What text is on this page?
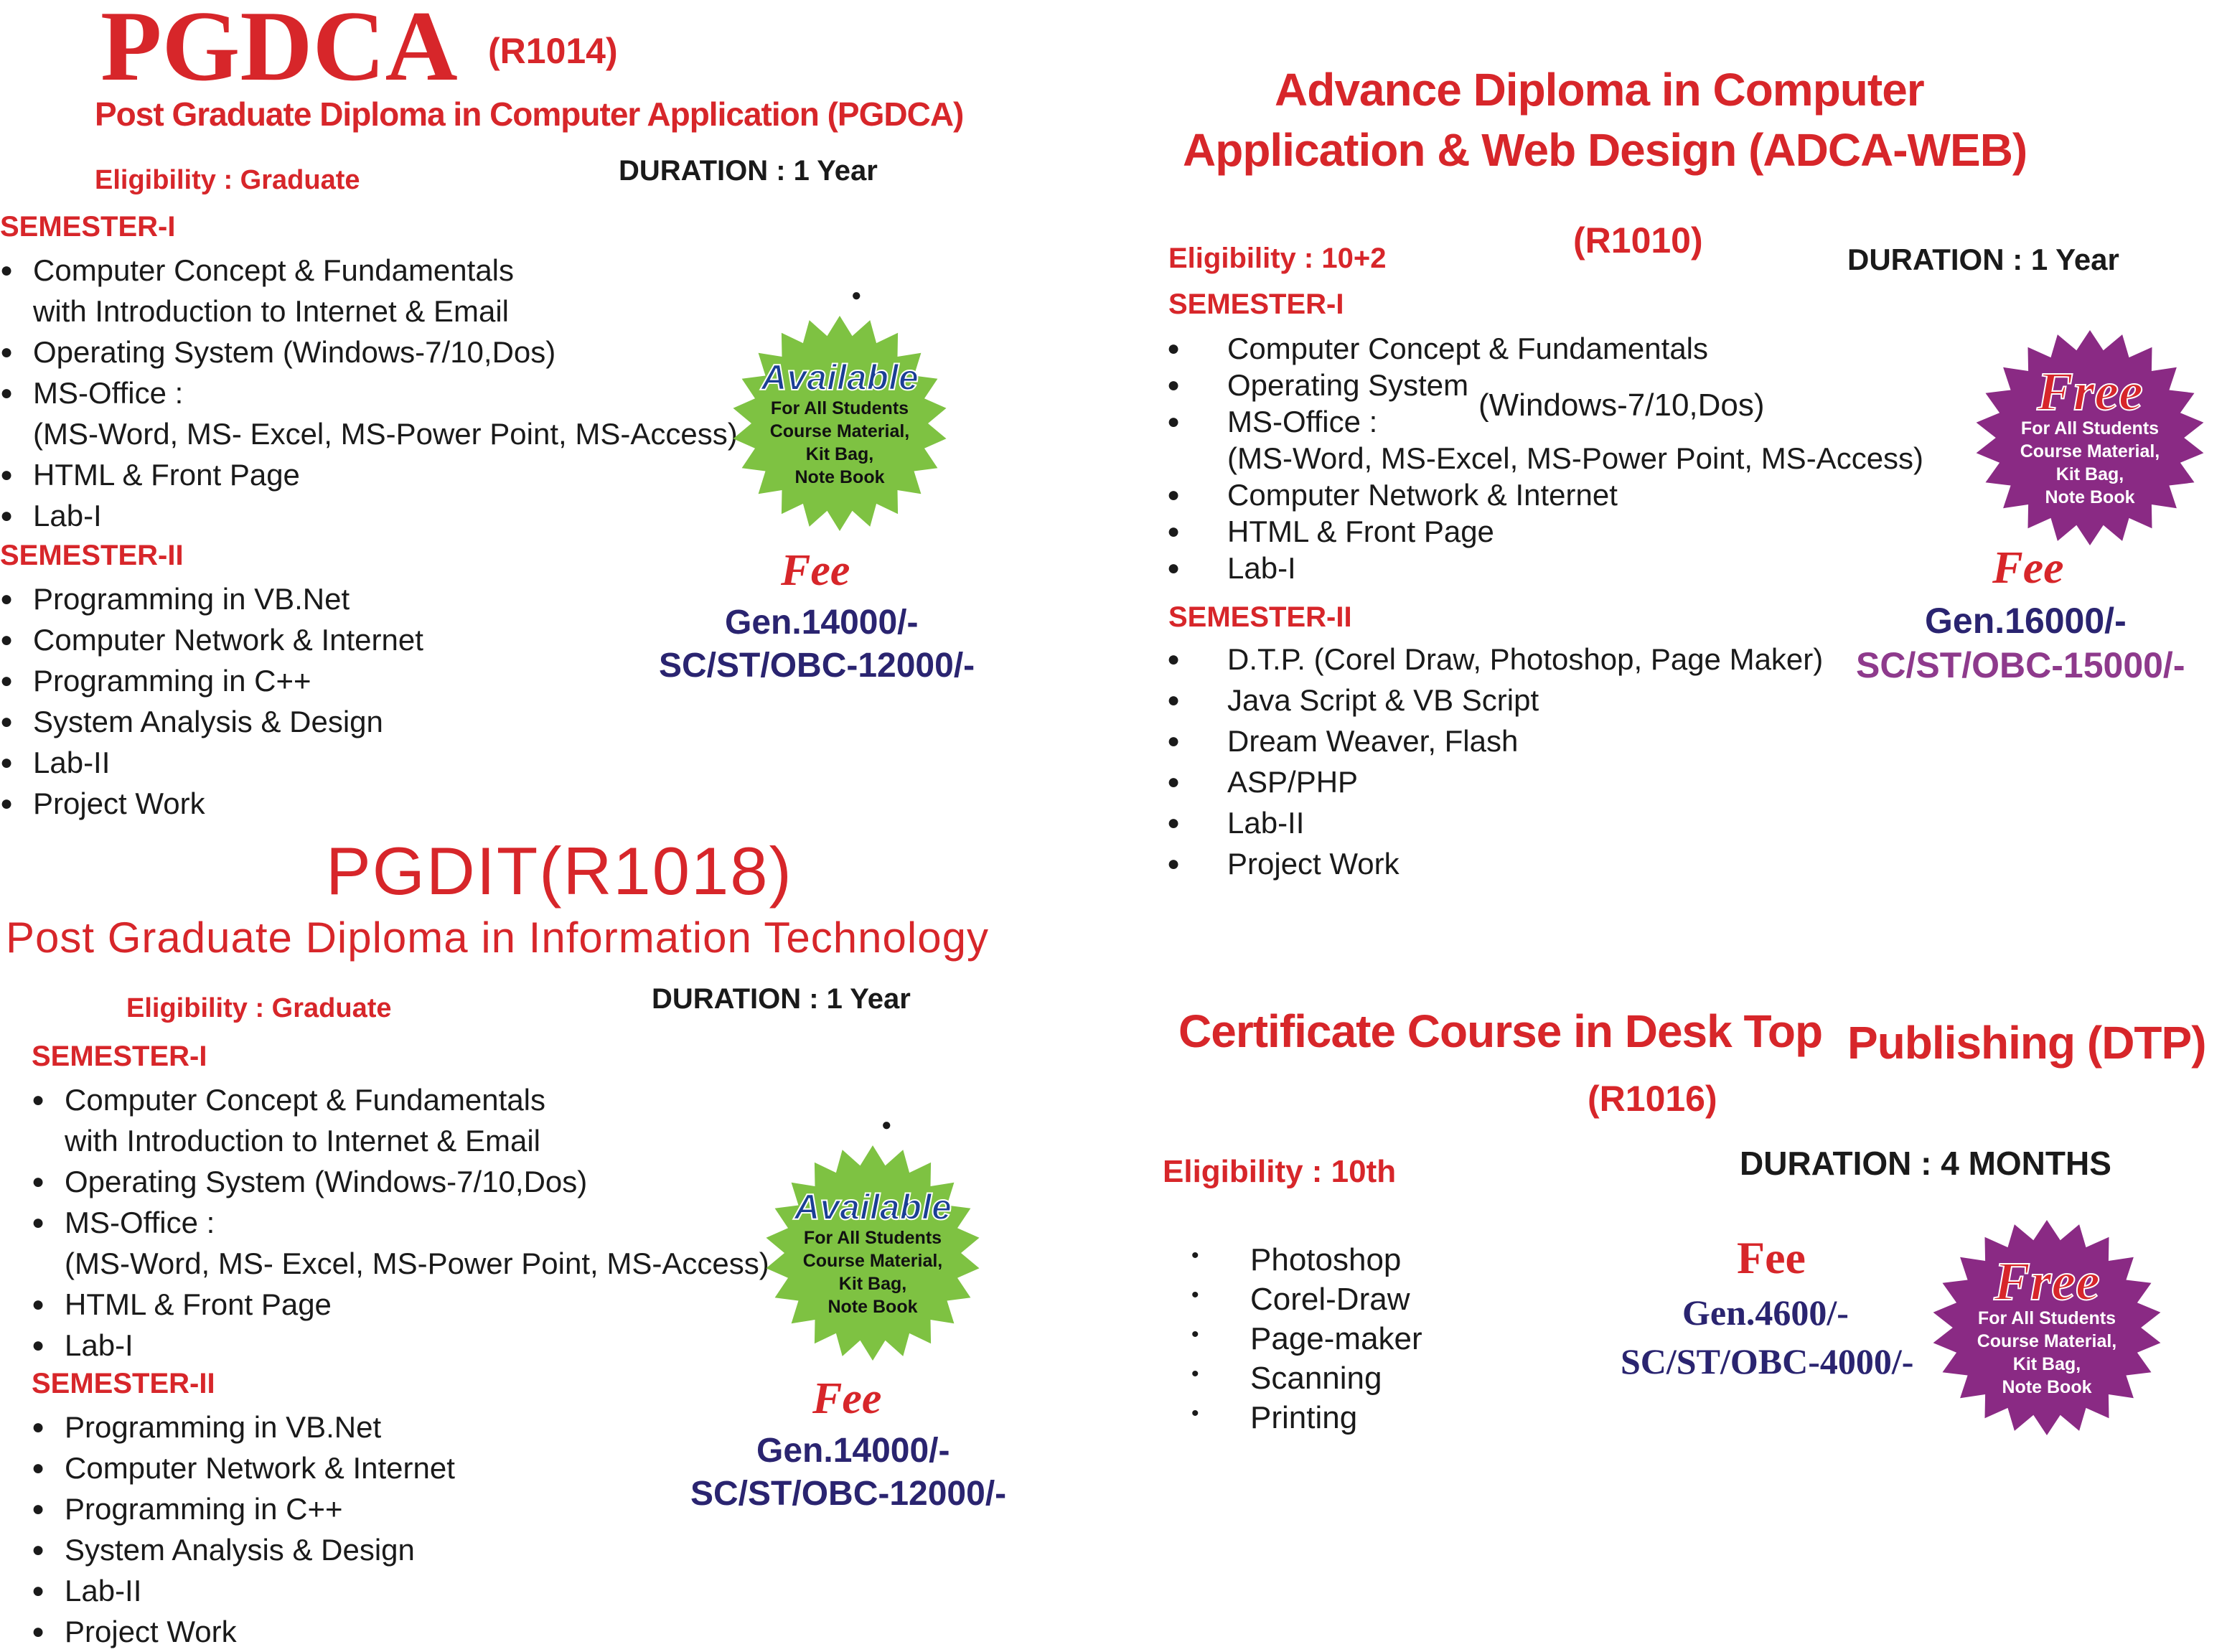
PGDCA (R1014)
Post Graduate Diploma in Computer Application (PGDCA)
Eligibility : Graduate	DURATION : 1 Year
SEMESTER-I
● Computer Concept & Fundamentals
with Introduction to Internet & Email
● Operating System (Windows-7/10,Dos)
● MS-Office :
(MS-Word, MS- Excel, MS-Power Point, MS-Access)
● HTML & Front Page
● Lab-I
SEMESTER-II
● Programming in VB.Net
● Computer Network & Internet
● Programming in C++
● System Analysis & Design
● Lab-II
● Project Work
●
Available
For All Students
Course Material,
Kit Bag,
Note Book
Fee
Gen.14000/-
SC/ST/OBC-12000/-
Advance Diploma in Computer
Application & Web Design (ADCA-WEB)
(R1010)
Eligibility : 10+2	DURATION : 1 Year
SEMESTER-I
● Computer Concept & Fundamentals
● Operating System
● MS-Office :
(MS-Word, MS-Excel, MS-Power Point, MS-Access)
● Computer Network & Internet
● HTML & Front Page
● Lab-I
(Windows-7/10,Dos)
SEMESTER-II
● D.T.P. (Corel Draw, Photoshop, Page Maker)
● Java Script & VB Script
● Dream Weaver, Flash
● ASP/PHP
● Lab-II
● Project Work
Free
For All Students
Course Material,
Kit Bag,
Note Book
Fee
Gen.16000/-
SC/ST/OBC-15000/-
PGDIT(R1018)
Post Graduate Diploma in Information Technology
Eligibility : Graduate	DURATION : 1 Year
SEMESTER-I
● Computer Concept & Fundamentals
with Introduction to Internet & Email
● Operating System (Windows-7/10,Dos)
● MS-Office :
(MS-Word, MS- Excel, MS-Power Point, MS-Access)
● HTML & Front Page
● Lab-I
SEMESTER-II
● Programming in VB.Net
● Computer Network & Internet
● Programming in C++
● System Analysis & Design
● Lab-II
● Project Work
●
Available
For All Students
Course Material,
Kit Bag,
Note Book
Fee
Gen.14000/-
SC/ST/OBC-12000/-
Certificate Course in Desk Top Publishing (DTP)
(R1016)
Eligibility : 10th	DURATION : 4 MONTHS
• Photoshop
• Corel-Draw
• Page-maker
• Scanning
• Printing
Fee
Gen.4600/-
SC/ST/OBC-4000/-
Free
For All Students
Course Material,
Kit Bag,
Note Book
